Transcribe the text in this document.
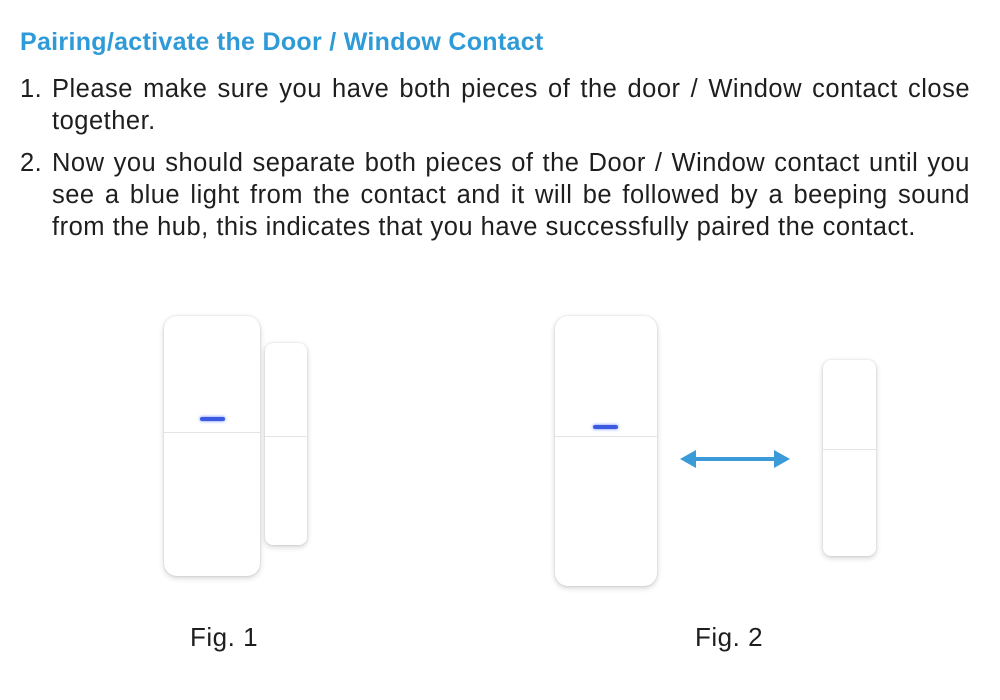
Pairing/activate the Door / Window Contact
1. Please make sure you have both pieces of the door / Window contact close together.
2. Now you should separate both pieces of the Door / Window contact until you see a blue light from the contact and it will be followed by a beeping sound from the hub, this indicates that you have successfully paired the contact.
Fig. 1	Fig. 2
